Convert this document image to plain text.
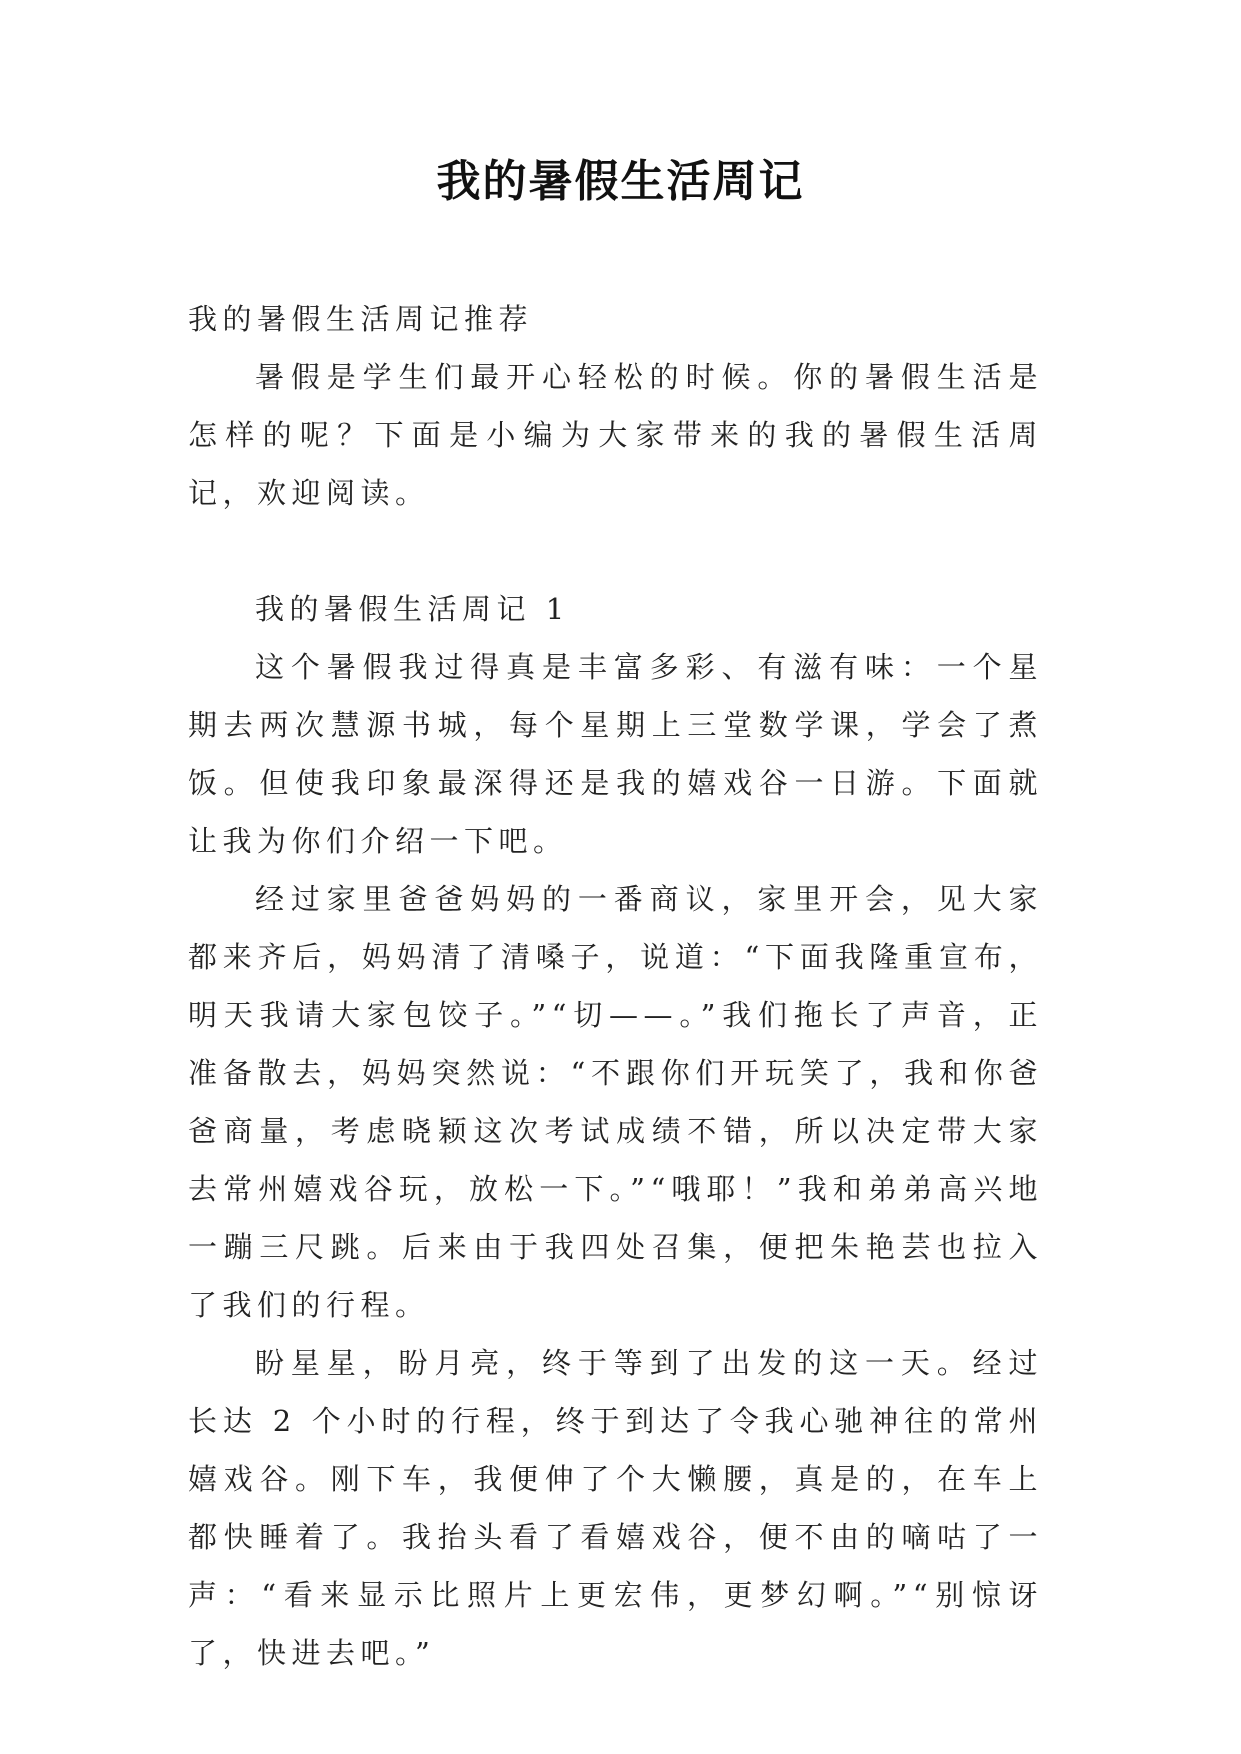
我的暑假生活周记

我的暑假生活周记推荐

暑假是学生们最开心轻松的时候。你的暑假生活是怎样的呢？下面是小编为大家带来的我的暑假生活周记，欢迎阅读。

我的暑假生活周记 1

这个暑假我过得真是丰富多彩、有滋有味：一个星期去两次慧源书城，每个星期上三堂数学课，学会了煮饭。但使我印象最深得还是我的嬉戏谷一日游。下面就让我为你们介绍一下吧。

经过家里爸爸妈妈的一番商议，家里开会，见大家都来齐后，妈妈清了清嗓子，说道：“下面我隆重宣布，明天我请大家包饺子。”“切——。”我们拖长了声音，正准备散去，妈妈突然说：“不跟你们开玩笑了，我和你爸爸商量，考虑晓颖这次考试成绩不错，所以决定带大家去常州嬉戏谷玩，放松一下。”“哦耶！”我和弟弟高兴地一蹦三尺跳。后来由于我四处召集，便把朱艳芸也拉入了我们的行程。

盼星星，盼月亮，终于等到了出发的这一天。经过长达 2 个小时的行程，终于到达了令我心驰神往的常州嬉戏谷。刚下车，我便伸了个大懒腰，真是的，在车上都快睡着了。我抬头看了看嬉戏谷，便不由的嘀咕了一声：“看来显示比照片上更宏伟，更梦幻啊。”“别惊讶了，快进去吧。”
